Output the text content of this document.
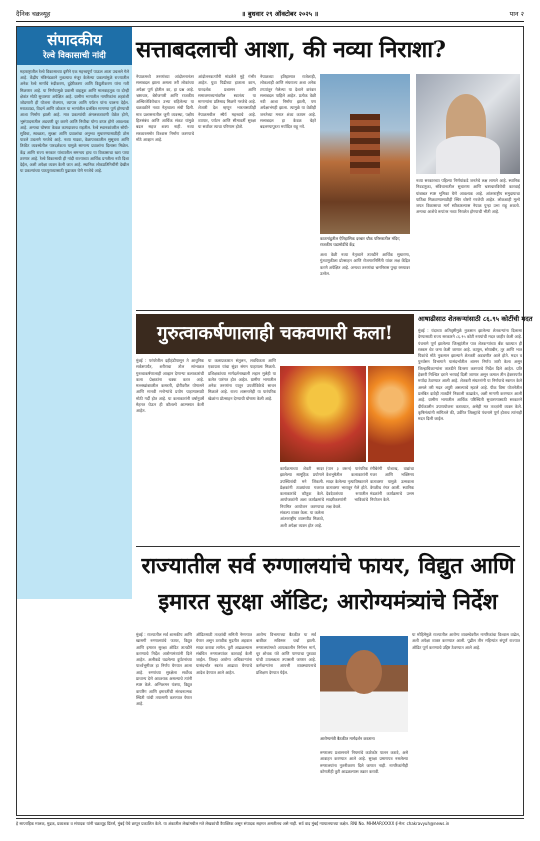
दैनिक चक्रव्यूह	॥ बुधवार २९ ऑक्टोबर २०२५ ॥	पान २
संपादकीय
रेल्वे विकासाची नांदी
महाराष्ट्रातील रेल्वे विकासाच्या दृष्टीने एक महत्त्वपूर्ण पाऊल आता उचलले गेले आहे. केंद्रीय मंत्रिमंडळाने नुकत्याच मंजूर केलेल्या प्रकल्पांमुळे राज्यातील अनेक रेल्वे मार्गांचे रुंदीकरण, दुहेरीकरण आणि विद्युतीकरण यांना गती मिळणार आहे. या निर्णयामुळे प्रवासी वाहतूक आणि मालवाहतूक या दोन्ही क्षेत्रांत मोठी सुधारणा अपेक्षित आहे. ग्रामीण भागातील नागरिकांना शहरांशी जोडणारी ही योजना रोजगार, व्यापार आणि पर्यटन यांना चालना देईल. मराठवाडा, विदर्भ आणि कोकण या भागांतील प्रलंबित मागण्या पूर्ण होण्याची आशा निर्माण झाली आहे. मात्र प्रकल्पांची अंमलबजावणी वेळेत होणे, भूसंपादनातील अडचणी दूर करणे आणि निधीचा योग्य वापर होणे आवश्यक आहे. अन्यथा घोषणा केवळ कागदावरच राहतील. रेल्वे स्थानकांवरील सोयी-सुविधा, स्वच्छता, सुरक्षा आणि प्रवाशांचा अनुभव सुधारण्यासाठीही ठोस पावले उचलणे गरजेचे आहे. नव्या गाड्या, वेळापत्रकातील सुसूत्रता आणि तिकीट व्यवस्थेतील पारदर्शकता यामुळे सामान्य प्रवाशांना दिलासा मिळेल. केंद्र आणि राज्य सरकार यांच्यातील समन्वय हाच या विकासाचा खरा पाया ठरणार आहे. रेल्वे विकासाची ही नांदी राज्याच्या आर्थिक प्रगतीला नवी दिशा देईल, अशी अपेक्षा व्यक्त केली जात आहे. स्थानिक लोकप्रतिनिधींनी देखील या प्रकल्पांच्या पाठपुराव्यासाठी पुढाकार घेणे गरजेचे आहे.
सत्ताबदलाची आशा, की नव्या निराशा?
नेपाळमध्ये तरुणांच्या आंदोलनानंतर सत्ताबदल झाला असला तरी लोकांच्या अपेक्षा पूर्ण होतील का, हा प्रश्न आहे. भ्रष्टाचार, बेरोजगारी आणि राजकीय अस्थिरतेविरोधात उभ्या राहिलेल्या या चळवळीने नव्या नेतृत्वाला संधी दिली. मात्र प्रशासनातील जुनी व्यवस्था, पक्षीय हितसंबंध आणि आर्थिक संकट यांमुळे बदल सहज शक्य नाही. नव्या सरकारसमोर विश्वास निर्माण करण्याचे मोठे आव्हान आहे.
आंदोलनकर्त्यांनी मांडलेले मुद्दे गंभीर आहेत. युवा पिढीच्या हाताला काम, पारदर्शक प्रशासन आणि समाजमाध्यमांवरील स्वातंत्र्य या मागण्यांना प्रतिसाद मिळणे गरजेचे आहे. शेजारी देश म्हणून भारतासाठीही नेपाळमधील स्थैर्य महत्त्वाचे आहे. व्यापार, पर्यटन आणि सीमावर्ती सुरक्षा या सर्वांवर त्याचा परिणाम होतो.
नेपाळच्या इतिहासात राजेशाही, लोकशाही आणि संघराज्य अशा अनेक टप्प्यांतून गेलेल्या या देशाने वारंवार सत्ताबदल पाहिले आहेत. प्रत्येक वेळी नवी आशा निर्माण झाली, पण अपेक्षाभंगही झाला. त्यामुळे या वेळीही जनतेच्या मनात शंका कायम आहे. सत्ताबदल हा केवळ चेहरे बदलण्यापुरता मर्यादित राहू नये.
काठमांडूतील ऐतिहासिक दरबार चौक परिसरातील मंदिर; राजकीय घडामोडींचे केंद्र
अशा वेळी नव्या नेतृत्वाने तातडीने आर्थिक सुधारणा, गुंतवणुकीला प्रोत्साहन आणि रोजगारनिर्मिती यांवर लक्ष केंद्रित करणे अपेक्षित आहे. अन्यथा तरुणांचा भ्रमनिरास पुन्हा रस्त्यावर उतरेल.
नव्या सरकारच्या पहिल्या निर्णयांकडे जनतेचे लक्ष लागले आहे. स्थानिक निवडणुका, संविधानातील सुधारणा आणि भ्रष्टाचारविरोधी कारवाई यांबाबत स्पष्ट भूमिका घेणे आवश्यक आहे. आंतरराष्ट्रीय समुदायाचा पाठिंबा मिळवण्यासाठीही स्थिर धोरणे गरजेची आहेत. लोकशाही मूल्ये जपत विकासाचा मार्ग स्वीकारल्यास नेपाळ पुन्हा उभा राहू शकतो. अन्यथा आशेचे रूपांतर नव्या निराशेत होण्याची भीती आहे.
गुरुत्वाकर्षणालाही चकवणारी कला!
मुंबई : परंपरेतील दहीहंडीपासून ते आधुनिक सर्कसपर्यंत, शरीराचा तोल सांभाळत गुरुत्वाकर्षणालाही आव्हान देणाऱ्या कलाकारांची कला प्रेक्षकांना थक्क करत आहे. मल्लखांबावरील कसरती, दोरीवरील योगासने आणि मानवी मनोऱ्यांचे प्रयोग पाहण्यासाठी मोठी गर्दी होत आहे. या कलाकारांनी वर्षानुवर्षे मेहनत घेऊन ही कौशल्ये आत्मसात केली आहेत.
या कलाप्रकारात संतुलन, लवचिकता आणि एकाग्रता यांचा सुंदर संगम पाहायला मिळतो. प्रशिक्षकांच्या मार्गदर्शनाखाली लहान मुलेही या कलेत पारंगत होत आहेत. ग्रामीण भागातील अनेक तरुणांना यातून उपजीविकेचे साधन मिळाले आहे. राज्य शासनानेही या पारंपरिक खेळांना प्रोत्साहन देण्याची घोषणा केली आहे.
कार्यक्रमाच्या शेवटी सादर झालेल्या सामूहिक प्रयोगाने उपस्थितांची मने जिंकली. प्रेक्षकांनी टाळ्यांच्या गजरात कलाकारांचे कौतुक केले. आयोजकांनी अशा कार्यक्रमांचे नियमित आयोजन करण्याचा संकल्प व्यक्त केला. या कलेला आंतरराष्ट्रीय व्यासपीठ मिळावे, अशी अपेक्षा व्यक्त होत आहे.
(पान ३ वरून) पारंपरिक वेशभूषेतील कलाकारांनी सादर केलेल्या नृत्याविष्काराने वातावरण भारावून गेले होते. देवदेवतांच्या रूपातील सादरीकरणांनी भाविकांचे लक्ष वेधले.
रंगीबेरंगी पोशाख, वाद्यांचा गजर आणि भक्तिमय वातावरण यामुळे उत्सवाला वेगळीच रंगत आली. स्थानिक मंडळांनी कार्यक्रमाचे उत्तम नियोजन केले.
आषाढीसाठ शेतकऱ्यांसाठी ८६.९५ कोटींची मदत
मुंबई : यंदाच्या अतिवृष्टीमुळे नुकसान झालेल्या शेतकऱ्यांना दिलासा देण्यासाठी राज्य सरकारने ८६.९५ कोटी रुपयांची मदत जाहीर केली आहे. पंचनामे पूर्ण झालेल्या जिल्ह्यांतील पात्र शेतकऱ्यांच्या बँक खात्यात ही रक्कम थेट जमा केली जाणार आहे. कापूस, सोयाबीन, तूर आणि भात पिकांचे मोठे नुकसान झाल्याने शेतकरी अडचणीत आले होते. मदत व पुनर्वसन विभागाने यासंदर्भातील शासन निर्णय जारी केला असून जिल्हाधिकाऱ्यांना तातडीने वितरण करण्याचे निर्देश दिले आहेत. प्रति हेक्टरी निश्चित दराने भरपाई दिली जाणार असून कमाल तीन हेक्टरपर्यंत मर्यादा ठेवण्यात आली आहे. शेतकरी संघटनांनी या निर्णयाचे स्वागत केले असले तरी मदत अपुरी असल्याचे म्हटले आहे. पीक विमा योजनेतील प्रलंबित दावेही तातडीने निकाली काढावेत, अशी मागणी करण्यात आली आहे. ग्रामीण भागातील आर्थिक परिस्थिती सुधारण्यासाठी सरकारने दीर्घकालीन उपाययोजना कराव्यात, असेही मत तज्ज्ञांनी व्यक्त केले. कृषिमंत्र्यांनी सांगितले की, उर्वरित जिल्ह्यांचे पंचनामे पूर्ण होताच त्यांनाही मदत दिली जाईल.
राज्यातील सर्व रुग्णालयांचे फायर, विद्युत आणि इमारत सुरक्षा ऑडिट; आरोग्यमंत्र्यांचे निर्देश
मुंबई : राज्यातील सर्व शासकीय आणि खासगी रुग्णालयांचे फायर, विद्युत आणि इमारत सुरक्षा ऑडिट तातडीने करण्याचे निर्देश आरोग्यमंत्र्यांनी दिले आहेत. अलीकडे घडलेल्या दुर्घटनांच्या पार्श्वभूमीवर हा निर्णय घेण्यात आला आहे. रुग्णांच्या सुरक्षेला सर्वोच्च प्राधान्य देणे आवश्यक असल्याचे त्यांनी स्पष्ट केले. अग्निशमन यंत्रणा, विद्युत वायरिंग आणि इमारतींची संरचनात्मक स्थिती यांची तपासणी करण्यात येणार आहे.
ऑडिटसाठी तज्ज्ञांची समिती नेमण्यात येणार असून ठरावीक मुदतीत अहवाल सादर करावा लागेल. त्रुटी आढळल्यास संबंधित रुग्णालयांवर कारवाई केली जाईल. जिल्हा आरोग्य अधिकाऱ्यांना यासंदर्भात स्वतंत्र आढावा घेण्याचे आदेश देण्यात आले आहेत.
आरोग्य विभागाच्या बैठकीत या सर्व बाबींवर सविस्तर चर्चा झाली. रुग्णालयांमध्ये आपत्कालीन निर्गमन मार्ग, धूर शोधक यंत्रे आणि पाण्याचा पुरवठा यांची उपलब्धता तपासली जाणार आहे. कर्मचाऱ्यांना आपत्ती व्यवस्थापनाचे प्रशिक्षण देण्यात येईल.
आरोग्यमंत्री बैठकीत मार्गदर्शन करताना
रुग्णालय प्रशासनाने नियमांचे काटेकोर पालन करावे, असे आवाहन करण्यात आले आहे. सुरक्षा प्रमाणपत्र नसलेल्या रुग्णालयांना नूतनीकरण दिले जाणार नाही. नागरिकांनीही कोणतीही त्रुटी आढळल्यास तक्रार करावी.
या मोहिमेमुळे राज्यातील आरोग्य व्यवस्थेवरील नागरिकांचा विश्वास वाढेल, अशी अपेक्षा व्यक्त करण्यात आली. पुढील तीन महिन्यांत संपूर्ण राज्यात ऑडिट पूर्ण करण्याचे उद्दिष्ट ठेवण्यात आले आहे.
हे साप्ताहिक मालक, मुद्रक, प्रकाशक व संपादक यांनी चक्रव्यूह प्रिंटर्स, मुंबई येथे छापून प्रकाशित केले. या अंकातील लेखांमधील मते लेखकांची वैयक्तिक असून संपादक सहमत असतीलच असे नाही. सर्व वाद मुंबई न्यायालयाच्या कक्षेत. RNI No. MHMAR/XXXX ई-मेल: chakravyuh@news.in
